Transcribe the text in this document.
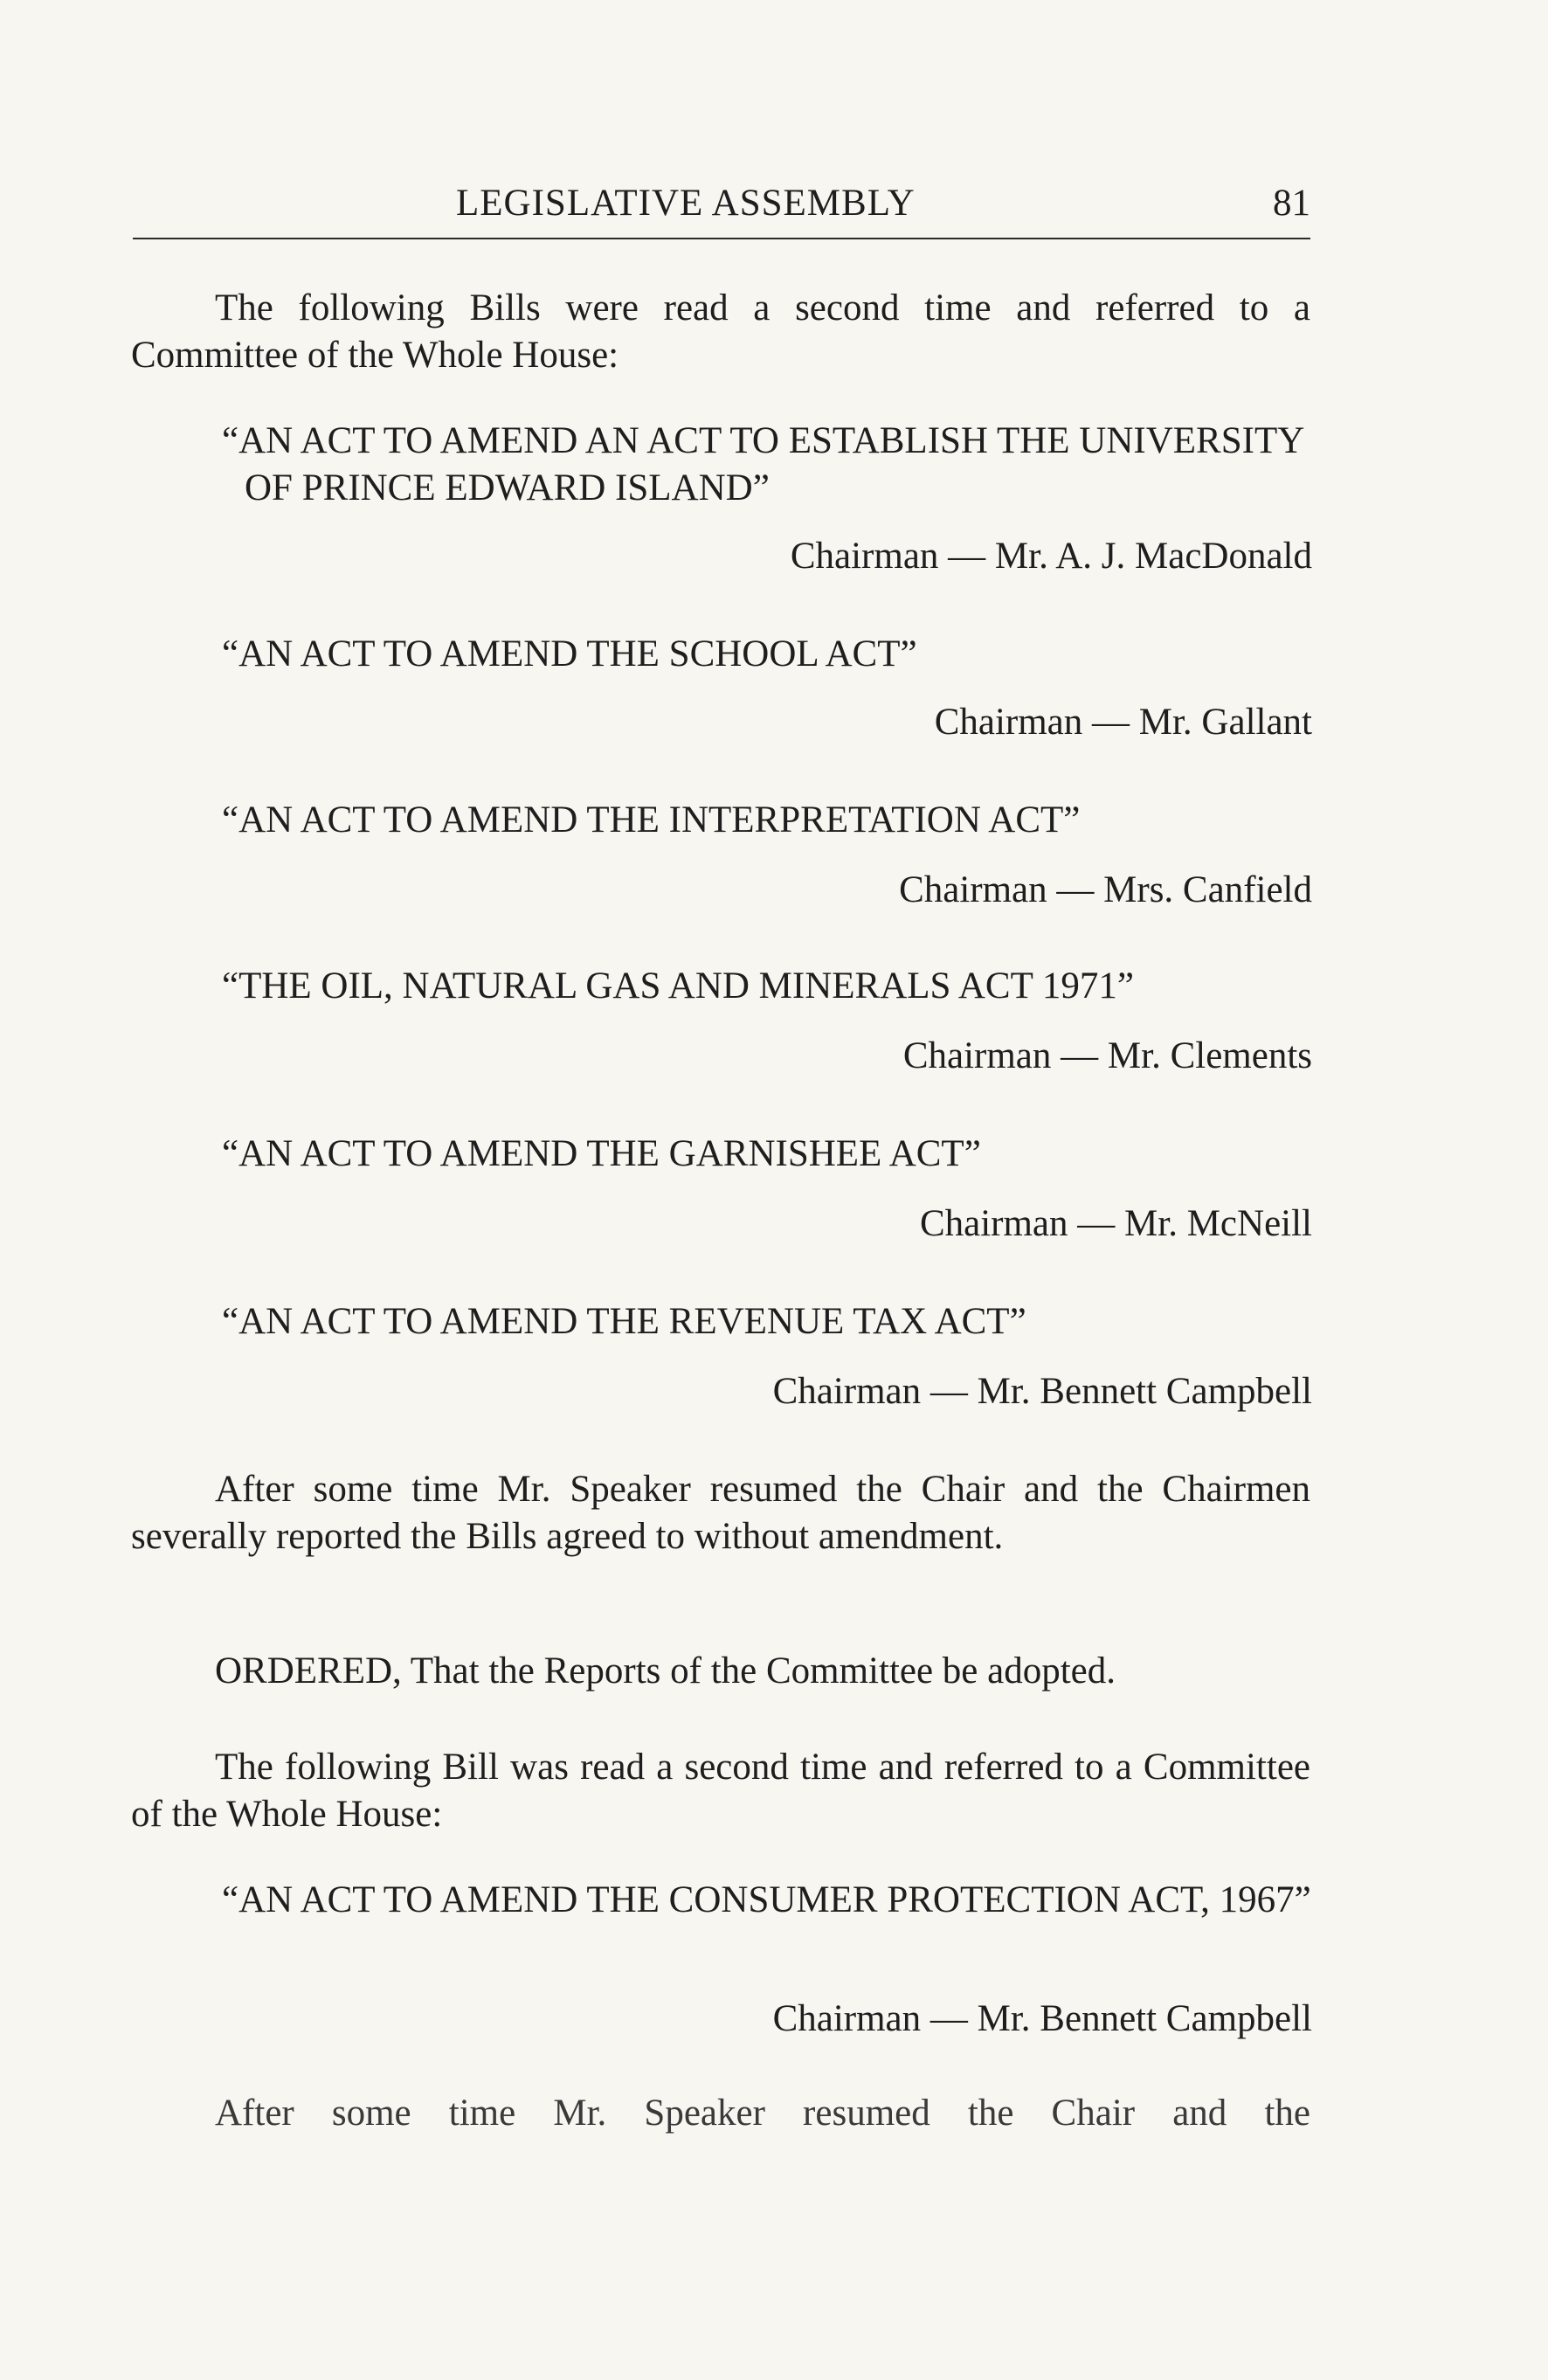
LEGISLATIVE ASSEMBLY	81
The following Bills were read a second time and referred to a Committee of the Whole House:
“AN ACT TO AMEND AN ACT TO ESTABLISH THE UNIVERSITY OF PRINCE EDWARD ISLAND”
Chairman — Mr. A. J. MacDonald
“AN ACT TO AMEND THE SCHOOL ACT”
Chairman — Mr. Gallant
“AN ACT TO AMEND THE INTERPRETATION ACT”
Chairman — Mrs. Canfield
“THE OIL, NATURAL GAS AND MINERALS ACT 1971”
Chairman — Mr. Clements
“AN ACT TO AMEND THE GARNISHEE ACT”
Chairman — Mr. McNeill
“AN ACT TO AMEND THE REVENUE TAX ACT”
Chairman — Mr. Bennett Campbell
After some time Mr. Speaker resumed the Chair and the Chairmen severally reported the Bills agreed to without amendment.
ORDERED, That the Reports of the Committee be adopted.
The following Bill was read a second time and referred to a Committee of the Whole House:
“AN ACT TO AMEND THE CONSUMER PROTECTION ACT, 1967”
Chairman — Mr. Bennett Campbell
After some time Mr. Speaker resumed the Chair and the
